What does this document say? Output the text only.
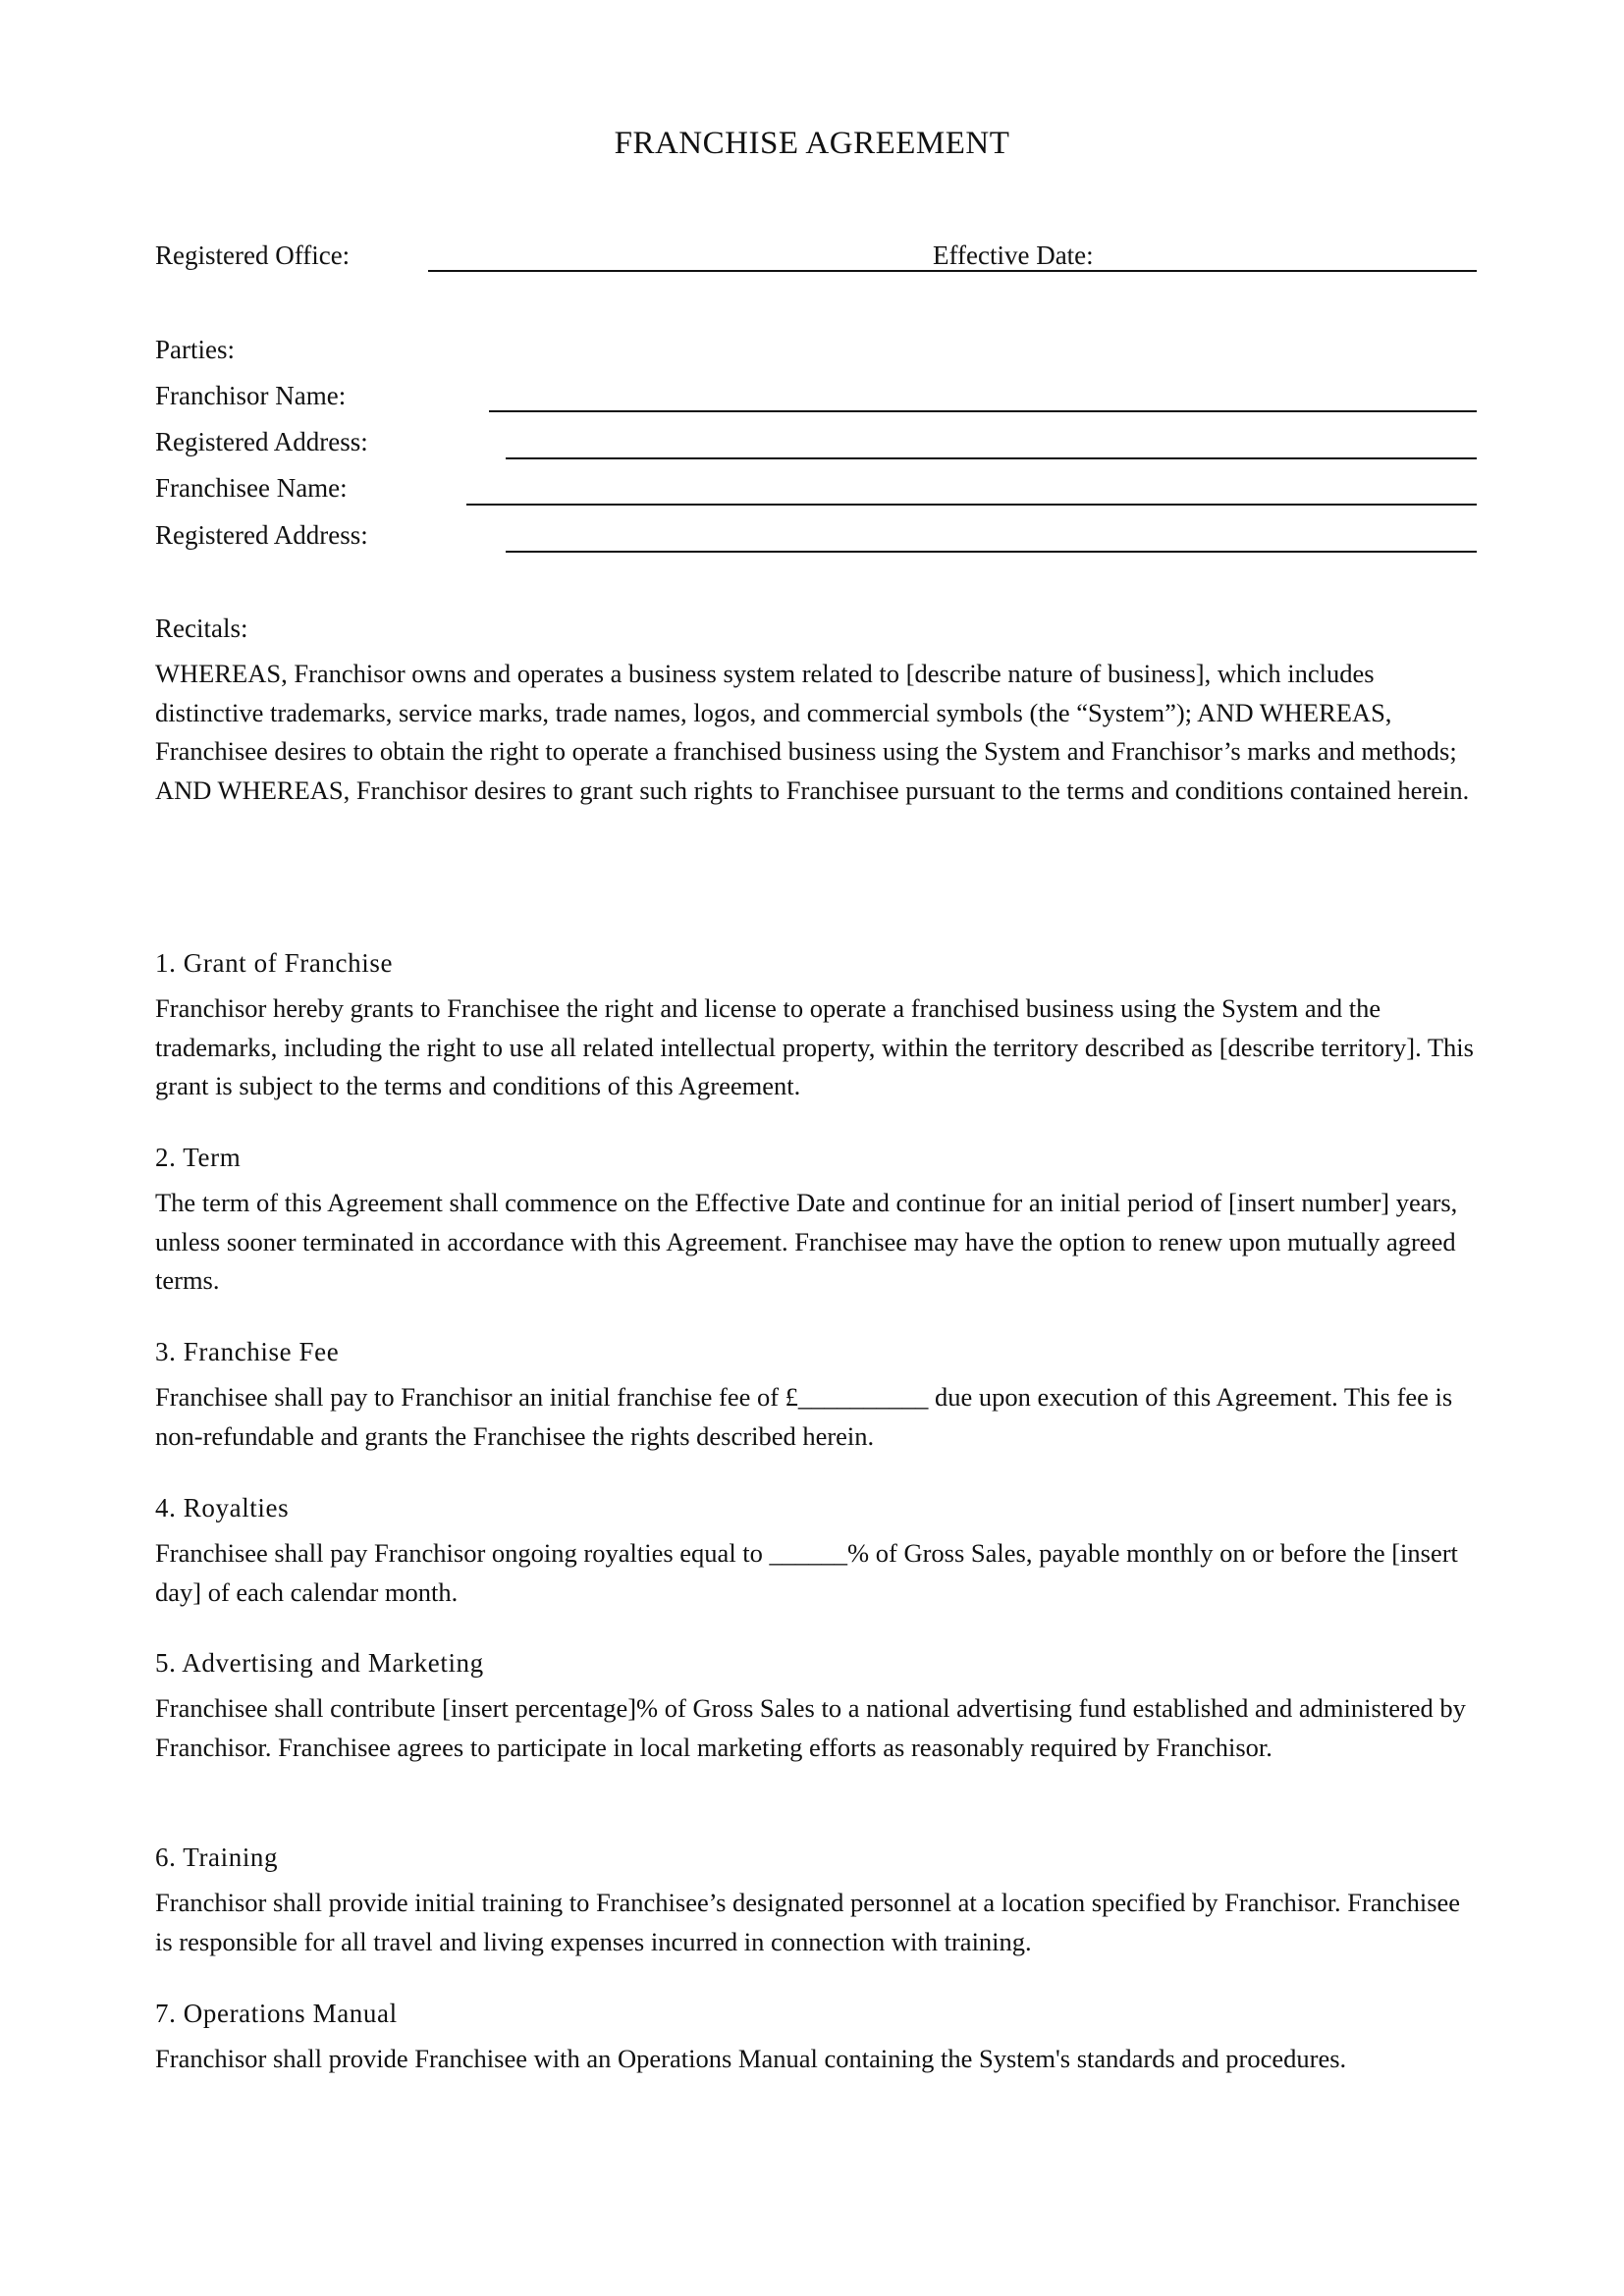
FRANCHISE AGREEMENT
Registered Office:	Effective Date:
Parties:
Franchisor Name:
Registered Address:
Franchisee Name:
Registered Address:
Recitals:
WHEREAS, Franchisor owns and operates a business system related to [describe nature of business], which includes distinctive trademarks, service marks, trade names, logos, and commercial symbols (the “System”); AND WHEREAS, Franchisee desires to obtain the right to operate a franchised business using the System and Franchisor’s marks and methods; AND WHEREAS, Franchisor desires to grant such rights to Franchisee pursuant to the terms and conditions contained herein.
1. Grant of Franchise
Franchisor hereby grants to Franchisee the right and license to operate a franchised business using the System and the trademarks, including the right to use all related intellectual property, within the territory described as [describe territory]. This grant is subject to the terms and conditions of this Agreement.
2. Term
The term of this Agreement shall commence on the Effective Date and continue for an initial period of [insert number] years, unless sooner terminated in accordance with this Agreement. Franchisee may have the option to renew upon mutually agreed terms.
3. Franchise Fee
Franchisee shall pay to Franchisor an initial franchise fee of £__________ due upon execution of this Agreement. This fee is non-refundable and grants the Franchisee the rights described herein.
4. Royalties
Franchisee shall pay Franchisor ongoing royalties equal to ______% of Gross Sales, payable monthly on or before the [insert day] of each calendar month.
5. Advertising and Marketing
Franchisee shall contribute [insert percentage]% of Gross Sales to a national advertising fund established and administered by Franchisor. Franchisee agrees to participate in local marketing efforts as reasonably required by Franchisor.
6. Training
Franchisor shall provide initial training to Franchisee’s designated personnel at a location specified by Franchisor. Franchisee is responsible for all travel and living expenses incurred in connection with training.
7. Operations Manual
Franchisor shall provide Franchisee with an Operations Manual containing the System's standards and procedures.
